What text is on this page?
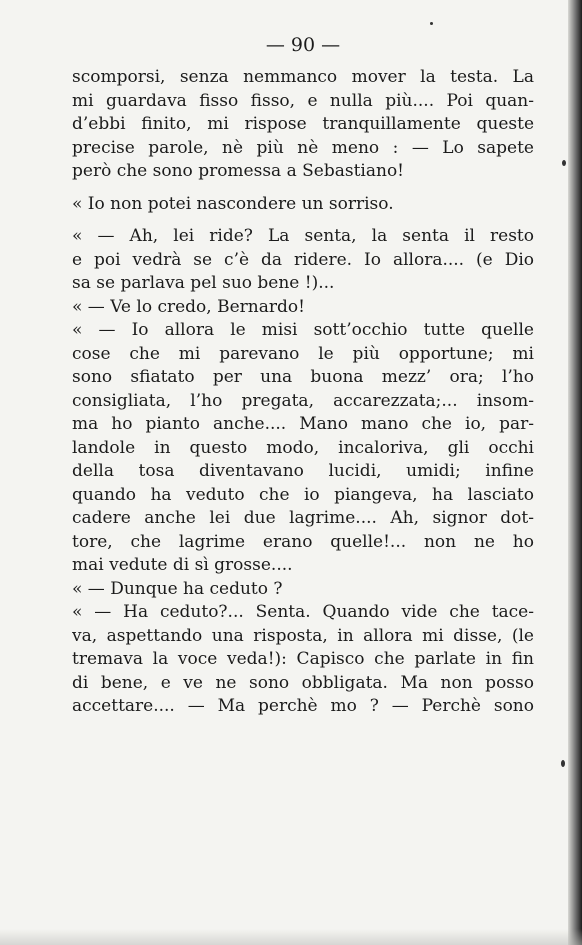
— 90 —
scomporsi, senza nemmanco mover la testa. La
mi guardava fisso fisso, e nulla più.... Poi quan-
d’ebbi finito, mi rispose tranquillamente queste
precise parole, nè più nè meno : — Lo sapete
però che sono promessa a Sebastiano!
« Io non potei nascondere un sorriso.
« — Ah, lei ride? La senta, la senta il resto
e poi vedrà se c’è da ridere. Io allora.... (e Dio
sa se parlava pel suo bene !)...
« — Ve lo credo, Bernardo!
« — Io allora le misi sott’occhio tutte quelle
cose che mi parevano le più opportune; mi
sono sfiatato per una buona mezz’ ora; l’ho
consigliata, l’ho pregata, accarezzata;... insom-
ma ho pianto anche.... Mano mano che io, par-
landole in questo modo, incaloriva, gli occhi
della tosa diventavano lucidi, umidi; infine
quando ha veduto che io piangeva, ha lasciato
cadere anche lei due lagrime.... Ah, signor dot-
tore, che lagrime erano quelle!... non ne ho
mai vedute di sì grosse....
« — Dunque ha ceduto ?
« — Ha ceduto?... Senta. Quando vide che tace-
va, aspettando una risposta, in allora mi disse, (le
tremava la voce veda!): Capisco che parlate in fin
di bene, e ve ne sono obbligata. Ma non posso
accettare.... — Ma perchè mo ? — Perchè sono
